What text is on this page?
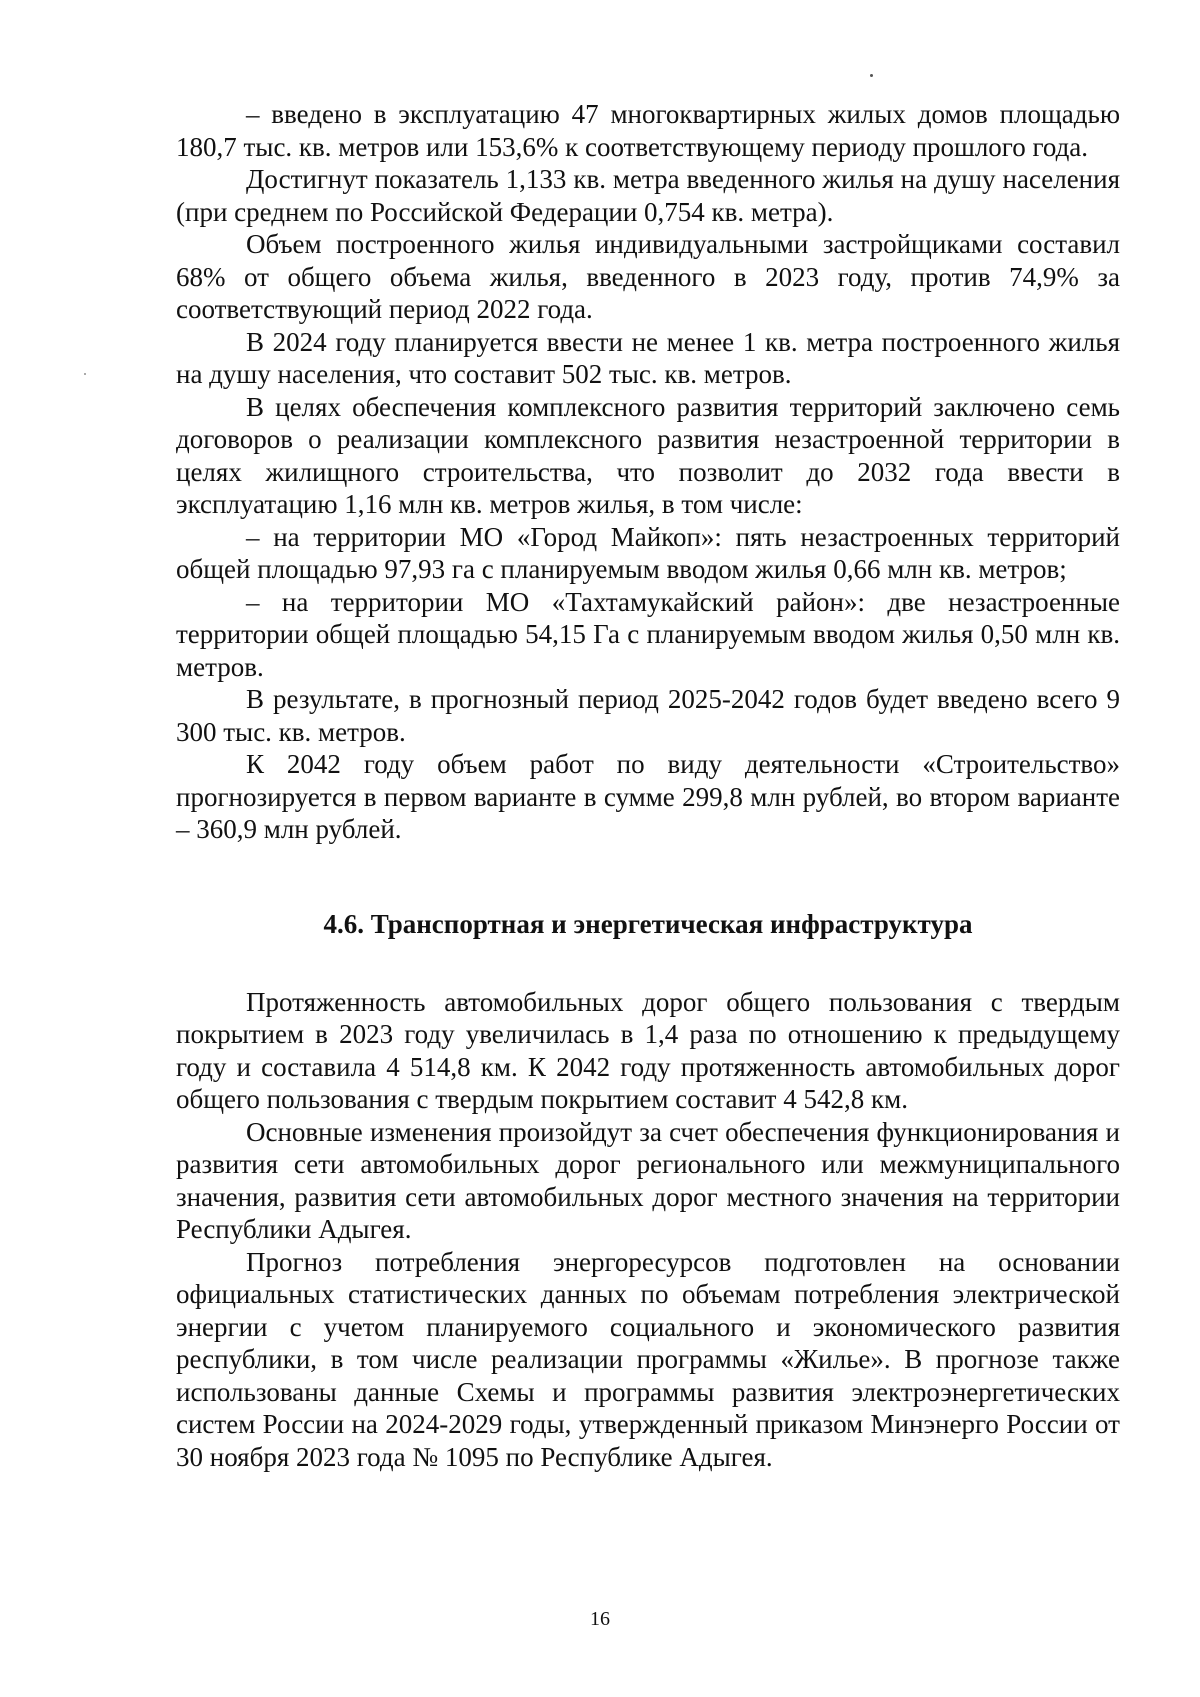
– введено в эксплуатацию 47 многоквартирных жилых домов площадью 180,7 тыс. кв. метров или 153,6% к соответствующему периоду прошлого года.

Достигнут показатель 1,133 кв. метра введенного жилья на душу населения (при среднем по Российской Федерации 0,754 кв. метра).

Объем построенного жилья индивидуальными застройщиками составил 68% от общего объема жилья, введенного в 2023 году, против 74,9% за соответствующий период 2022 года.

В 2024 году планируется ввести не менее 1 кв. метра построенного жилья на душу населения, что составит 502 тыс. кв. метров.

В целях обеспечения комплексного развития территорий заключено семь договоров о реализации комплексного развития незастроенной территории в целях жилищного строительства, что позволит до 2032 года ввести в эксплуатацию 1,16 млн кв. метров жилья, в том числе:

– на территории МО «Город Майкоп»: пять незастроенных территорий общей площадью 97,93 га с планируемым вводом жилья 0,66 млн кв. метров;

– на территории МО «Тахтамукайский район»: две незастроенные территории общей площадью 54,15 Га с планируемым вводом жилья 0,50 млн кв. метров.

В результате, в прогнозный период 2025-2042 годов будет введено всего 9 300 тыс. кв. метров.

К 2042 году объем работ по виду деятельности «Строительство» прогнозируется в первом варианте в сумме 299,8 млн рублей, во втором варианте – 360,9 млн рублей.

4.6. Транспортная и энергетическая инфраструктура

Протяженность автомобильных дорог общего пользования с твердым покрытием в 2023 году увеличилась в 1,4 раза по отношению к предыдущему году и составила 4 514,8 км. К 2042 году протяженность автомобильных дорог общего пользования с твердым покрытием составит 4 542,8 км.

Основные изменения произойдут за счет обеспечения функционирования и развития сети автомобильных дорог регионального или межмуниципального значения, развития сети автомобильных дорог местного значения на территории Республики Адыгея.

Прогноз потребления энергоресурсов подготовлен на основании официальных статистических данных по объемам потребления электрической энергии с учетом планируемого социального и экономического развития республики, в том числе реализации программы «Жилье». В прогнозе также использованы данные Схемы и программы развития электроэнергетических систем России на 2024-2029 годы, утвержденный приказом Минэнерго России от 30 ноября 2023 года № 1095 по Республике Адыгея.

16
